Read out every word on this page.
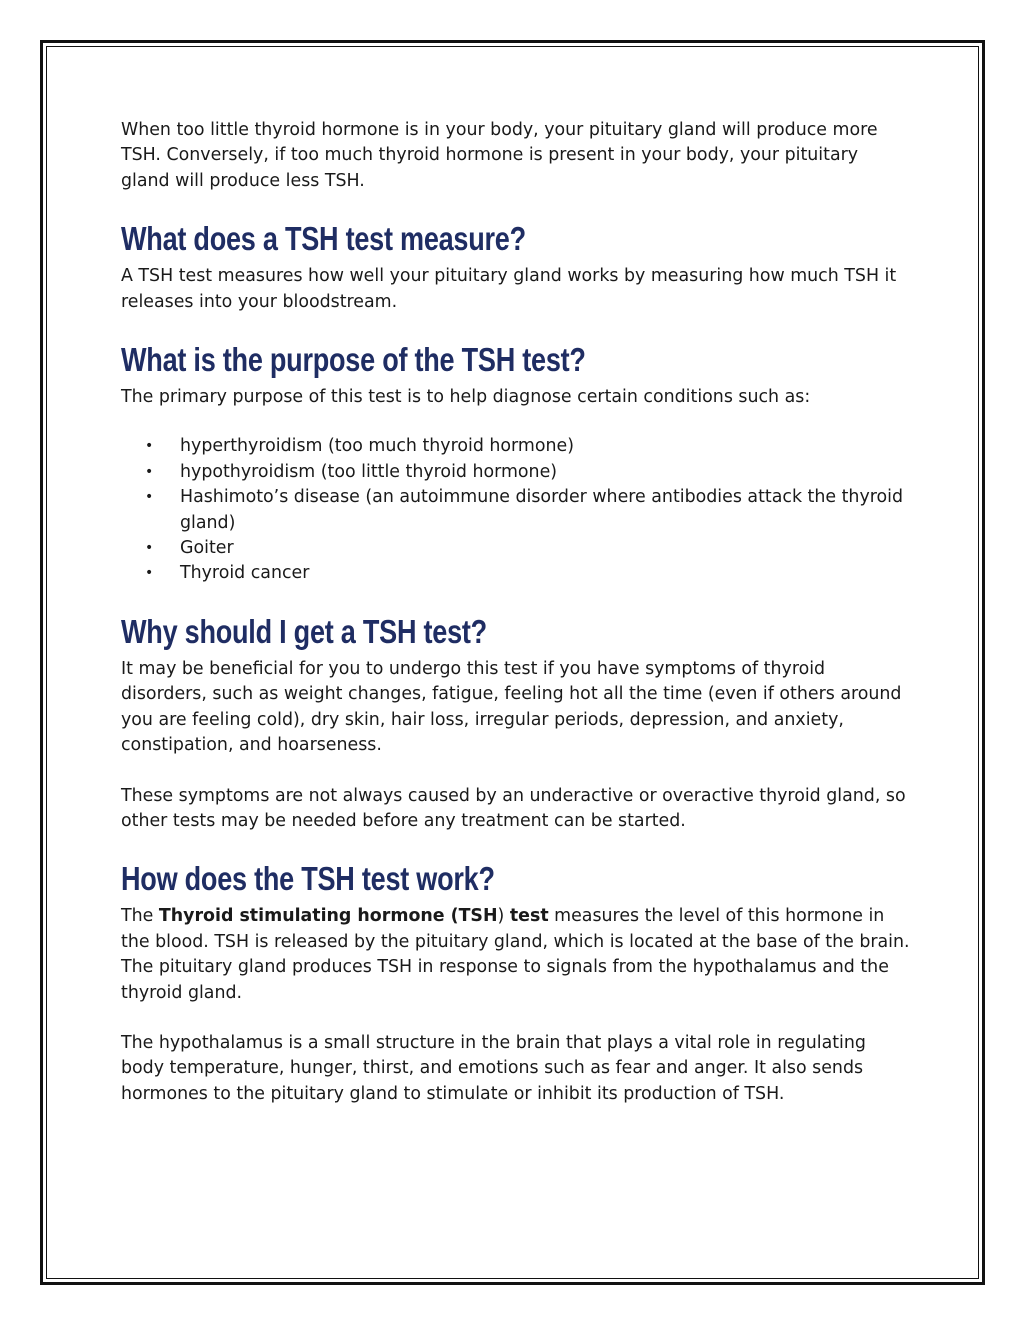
When too little thyroid hormone is in your body, your pituitary gland will produce more TSH. Conversely, if too much thyroid hormone is present in your body, your pituitary gland will produce less TSH.

What does a TSH test measure?

A TSH test measures how well your pituitary gland works by measuring how much TSH it releases into your bloodstream.

What is the purpose of the TSH test?

The primary purpose of this test is to help diagnose certain conditions such as:

• hyperthyroidism (too much thyroid hormone)
• hypothyroidism (too little thyroid hormone)
• Hashimoto’s disease (an autoimmune disorder where antibodies attack the thyroid gland)
• Goiter
• Thyroid cancer
Why should I get a TSH test?

It may be beneficial for you to undergo this test if you have symptoms of thyroid disorders, such as weight changes, fatigue, feeling hot all the time (even if others around you are feeling cold), dry skin, hair loss, irregular periods, depression, and anxiety, constipation, and hoarseness.

These symptoms are not always caused by an underactive or overactive thyroid gland, so other tests may be needed before any treatment can be started.

How does the TSH test work?

The Thyroid stimulating hormone (TSH) test measures the level of this hormone in the blood. TSH is released by the pituitary gland, which is located at the base of the brain. The pituitary gland produces TSH in response to signals from the hypothalamus and the thyroid gland.

The hypothalamus is a small structure in the brain that plays a vital role in regulating body temperature, hunger, thirst, and emotions such as fear and anger. It also sends hormones to the pituitary gland to stimulate or inhibit its production of TSH.
